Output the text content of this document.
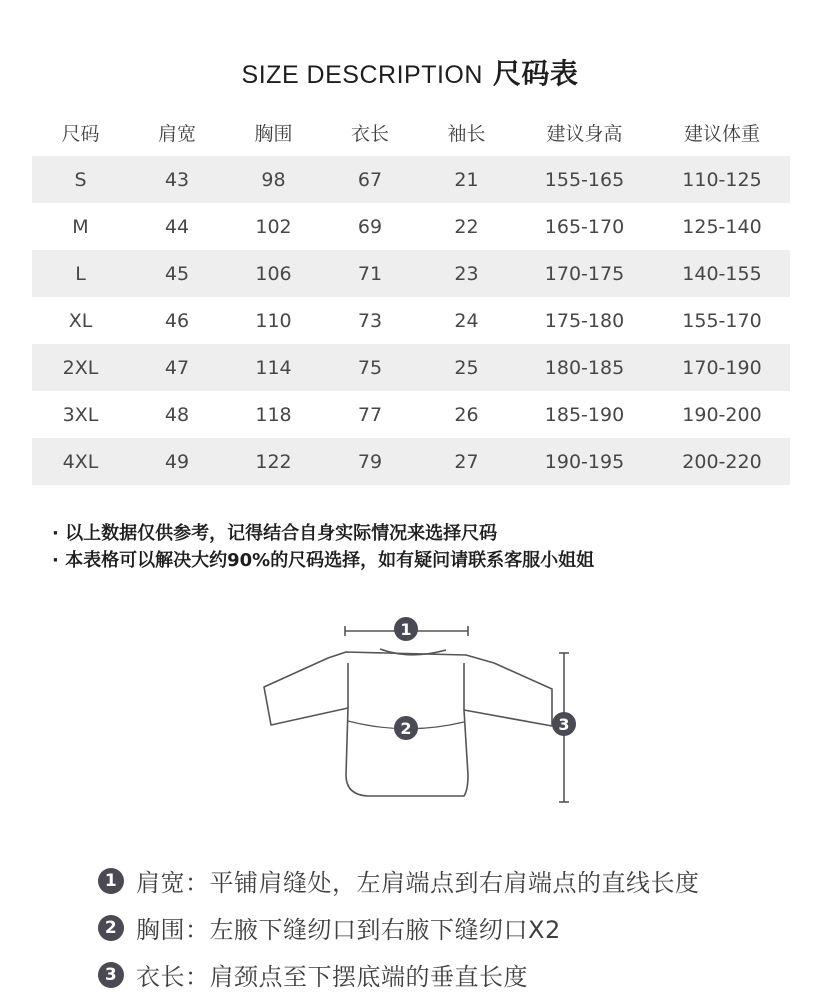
SIZE DESCRIPTION 尺码表
尺码	肩宽	胸围	衣长	袖长	建议身高	建议体重
S	43	98	67	21	155-165	110-125
M	44	102	69	22	165-170	125-140
L	45	106	71	23	170-175	140-155
XL	46	110	73	24	175-180	155-170
2XL	47	114	75	25	180-185	170-190
3XL	48	118	77	26	185-190	190-200
4XL	49	122	79	27	190-195	200-220
· 以上数据仅供参考，记得结合自身实际情况来选择尺码
· 本表格可以解决大约90%的尺码选择，如有疑问请联系客服小姐姐
1
2	3
1 肩宽：平铺肩缝处，左肩端点到右肩端点的直线长度
2 胸围：左腋下缝纫口到右腋下缝纫口X2
3 衣长：肩颈点至下摆底端的垂直长度
